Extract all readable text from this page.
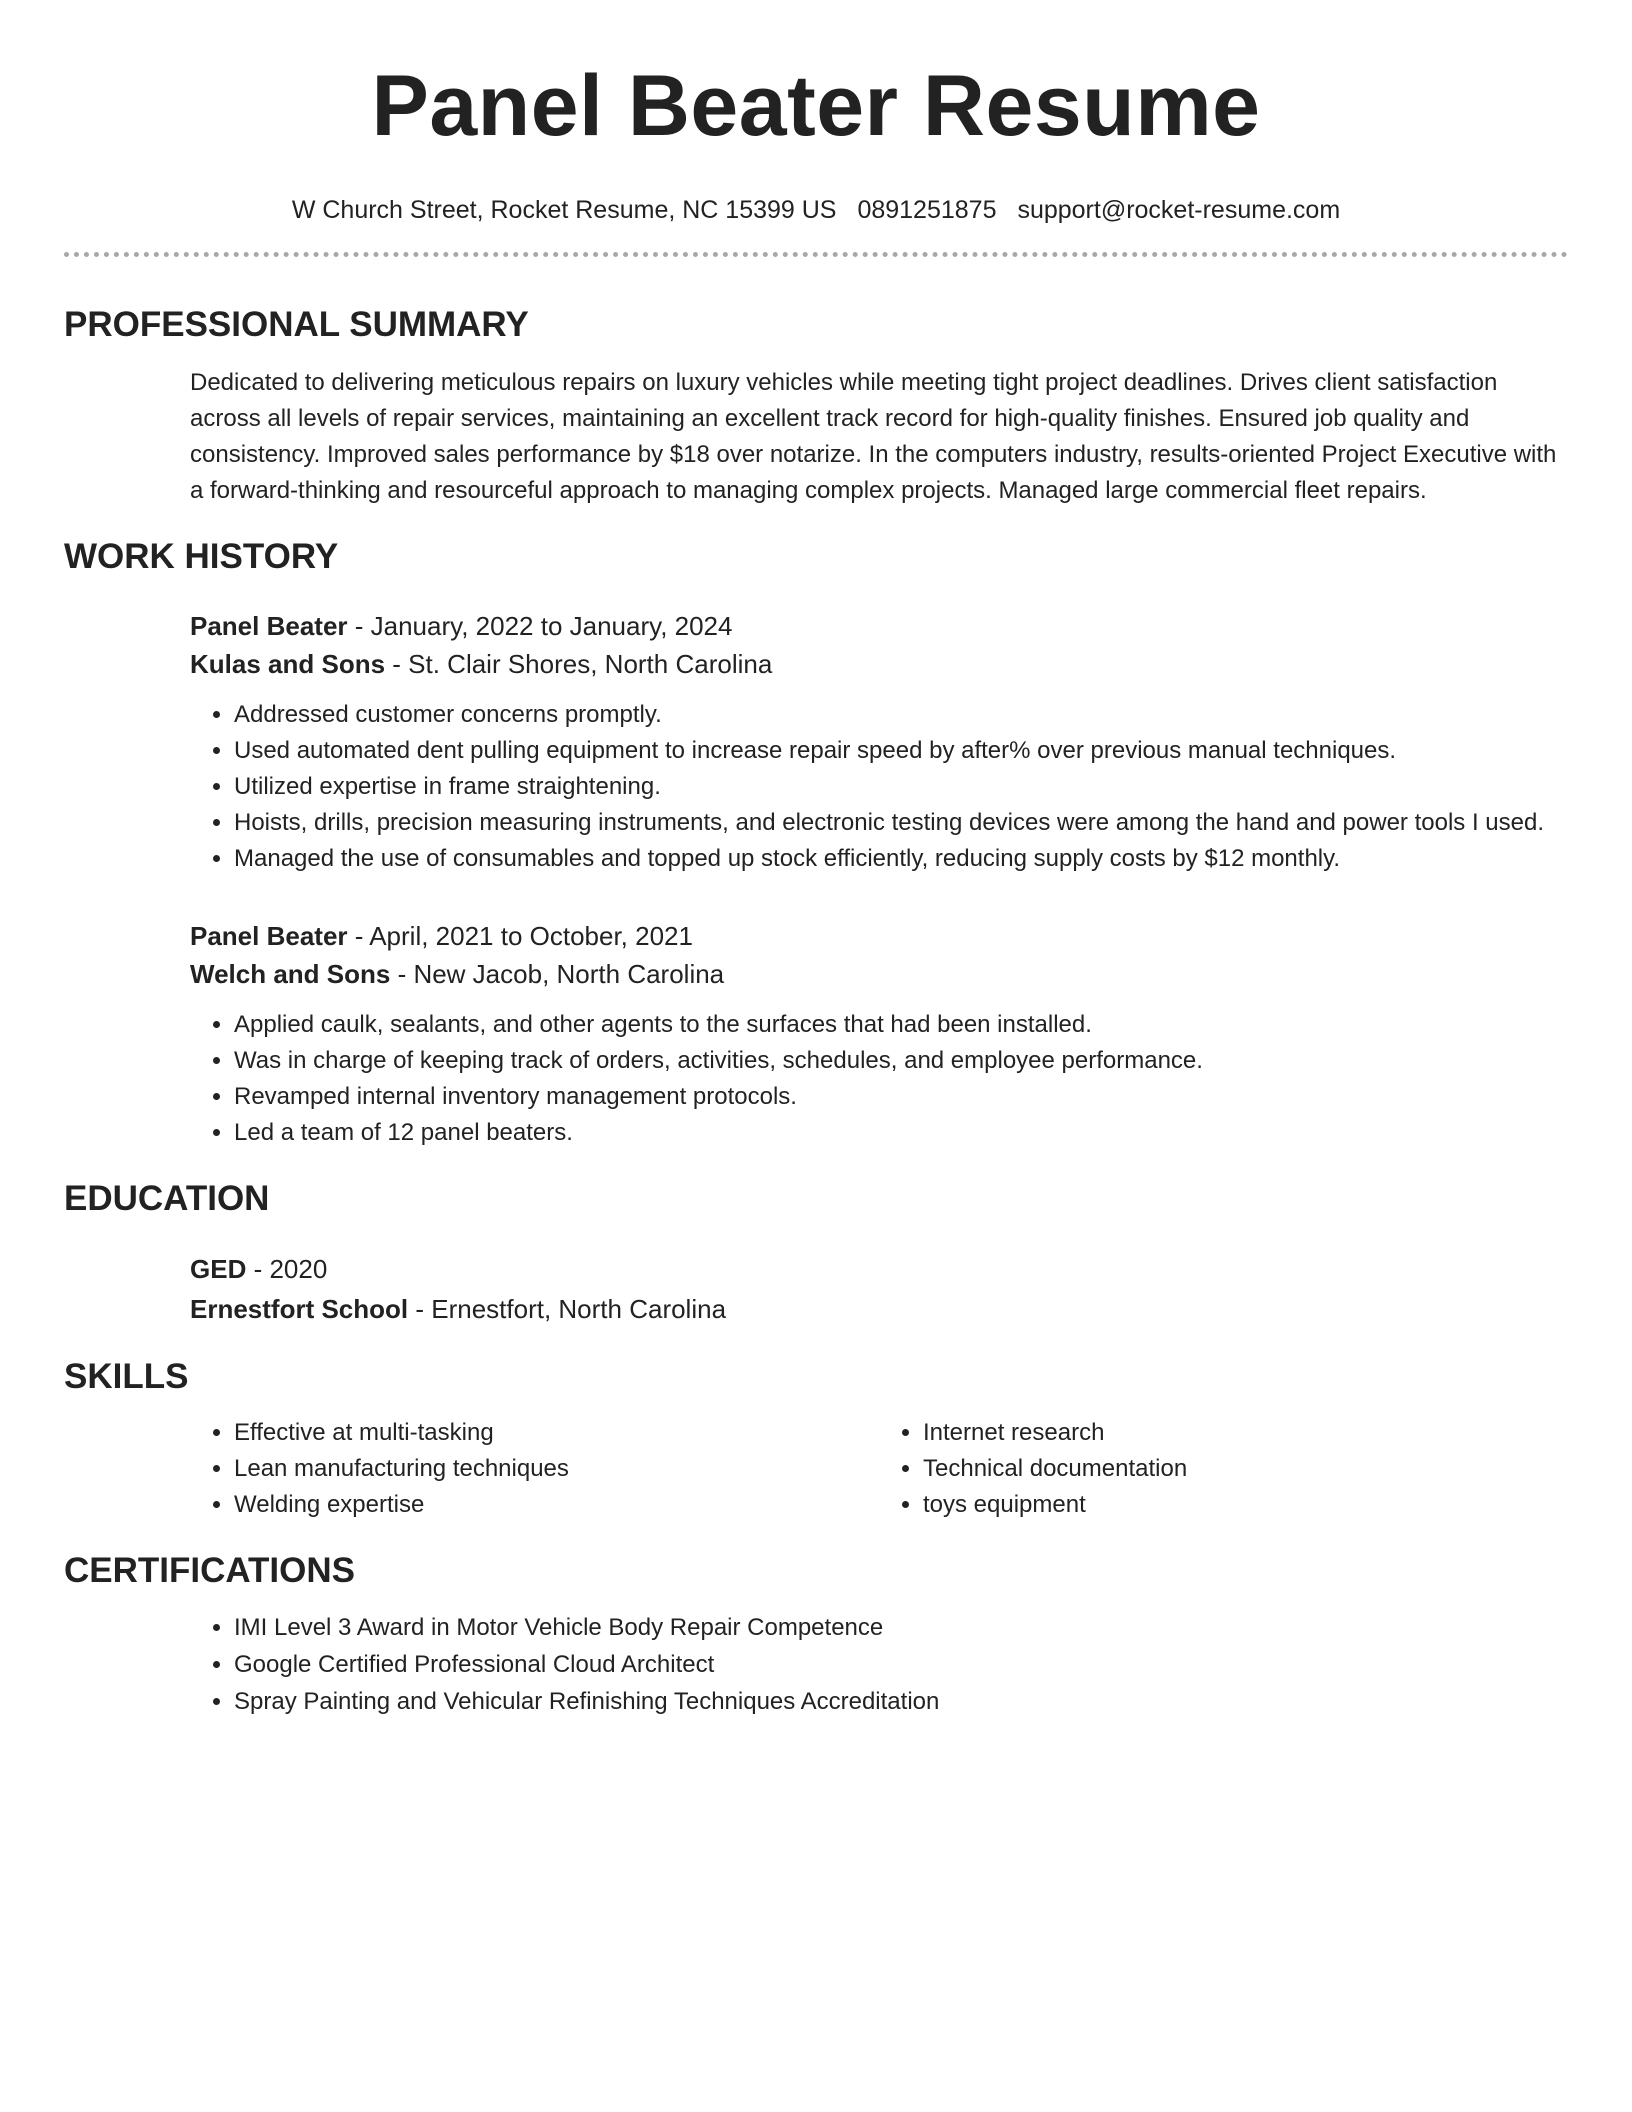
Panel Beater Resume
W Church Street, Rocket Resume, NC 15399 US 0891251875 support@rocket-resume.com
PROFESSIONAL SUMMARY
Dedicated to delivering meticulous repairs on luxury vehicles while meeting tight project deadlines. Drives client satisfaction across all levels of repair services, maintaining an excellent track record for high-quality finishes. Ensured job quality and consistency. Improved sales performance by $18 over notarize. In the computers industry, results-oriented Project Executive with a forward-thinking and resourceful approach to managing complex projects. Managed large commercial fleet repairs.
WORK HISTORY
Panel Beater - January, 2022 to January, 2024
Kulas and Sons - St. Clair Shores, North Carolina
• Addressed customer concerns promptly.
• Used automated dent pulling equipment to increase repair speed by after% over previous manual techniques.
• Utilized expertise in frame straightening.
• Hoists, drills, precision measuring instruments, and electronic testing devices were among the hand and power tools I used.
• Managed the use of consumables and topped up stock efficiently, reducing supply costs by $12 monthly.
Panel Beater - April, 2021 to October, 2021
Welch and Sons - New Jacob, North Carolina
• Applied caulk, sealants, and other agents to the surfaces that had been installed.
• Was in charge of keeping track of orders, activities, schedules, and employee performance.
• Revamped internal inventory management protocols.
• Led a team of 12 panel beaters.
EDUCATION
GED - 2020
Ernestfort School - Ernestfort, North Carolina
SKILLS
• Effective at multi-tasking
• Lean manufacturing techniques
• Welding expertise
• Internet research
• Technical documentation
• toys equipment
CERTIFICATIONS
• IMI Level 3 Award in Motor Vehicle Body Repair Competence
• Google Certified Professional Cloud Architect
• Spray Painting and Vehicular Refinishing Techniques Accreditation
